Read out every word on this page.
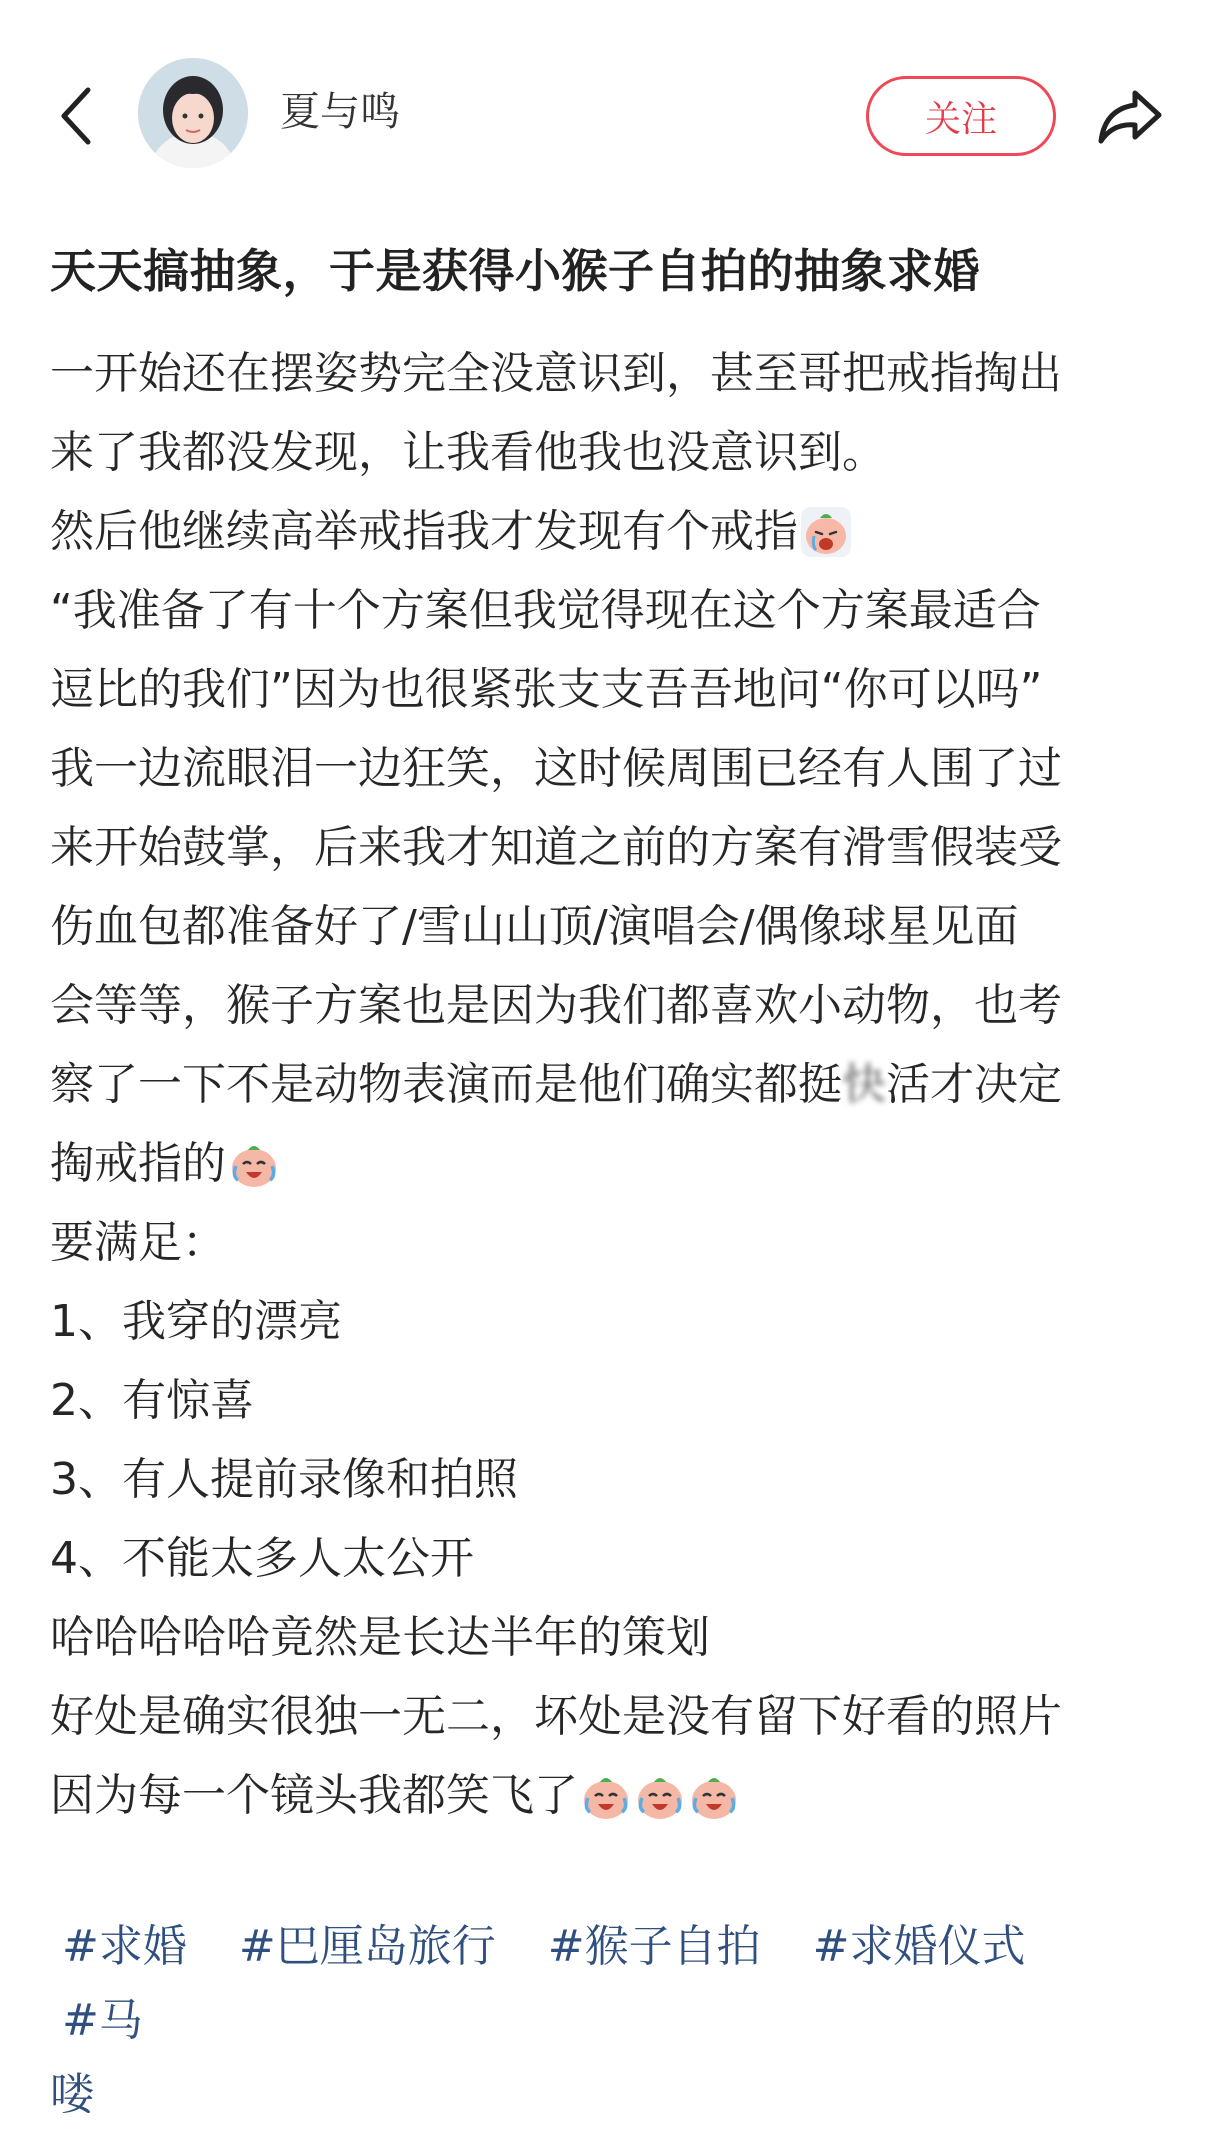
夏与鸣	关注
天天搞抽象，于是获得小猴子自拍的抽象求婚
一开始还在摆姿势完全没意识到，甚至哥把戒指掏出
来了我都没发现，让我看他我也没意识到。
然后他继续高举戒指我才发现有个戒指
“我准备了有十个方案但我觉得现在这个方案最适合
逗比的我们”因为也很紧张支支吾吾地问“你可以吗”
我一边流眼泪一边狂笑，这时候周围已经有人围了过
来开始鼓掌，后来我才知道之前的方案有滑雪假装受
伤血包都准备好了/雪山山顶/演唱会/偶像球星见面
会等等，猴子方案也是因为我们都喜欢小动物，也考
察了一下不是动物表演而是他们确实都挺 快 活才决定
掏戒指的
要满足：
1、我穿的漂亮
2、有惊喜
3、有人提前录像和拍照
4、不能太多人太公开
哈哈哈哈哈竟然是长达半年的策划
好处是确实很独一无二，坏处是没有留下好看的照片
因为每一个镜头我都笑飞了
#求婚 #巴厘岛旅行 #猴子自拍 #求婚仪式 #马
喽
